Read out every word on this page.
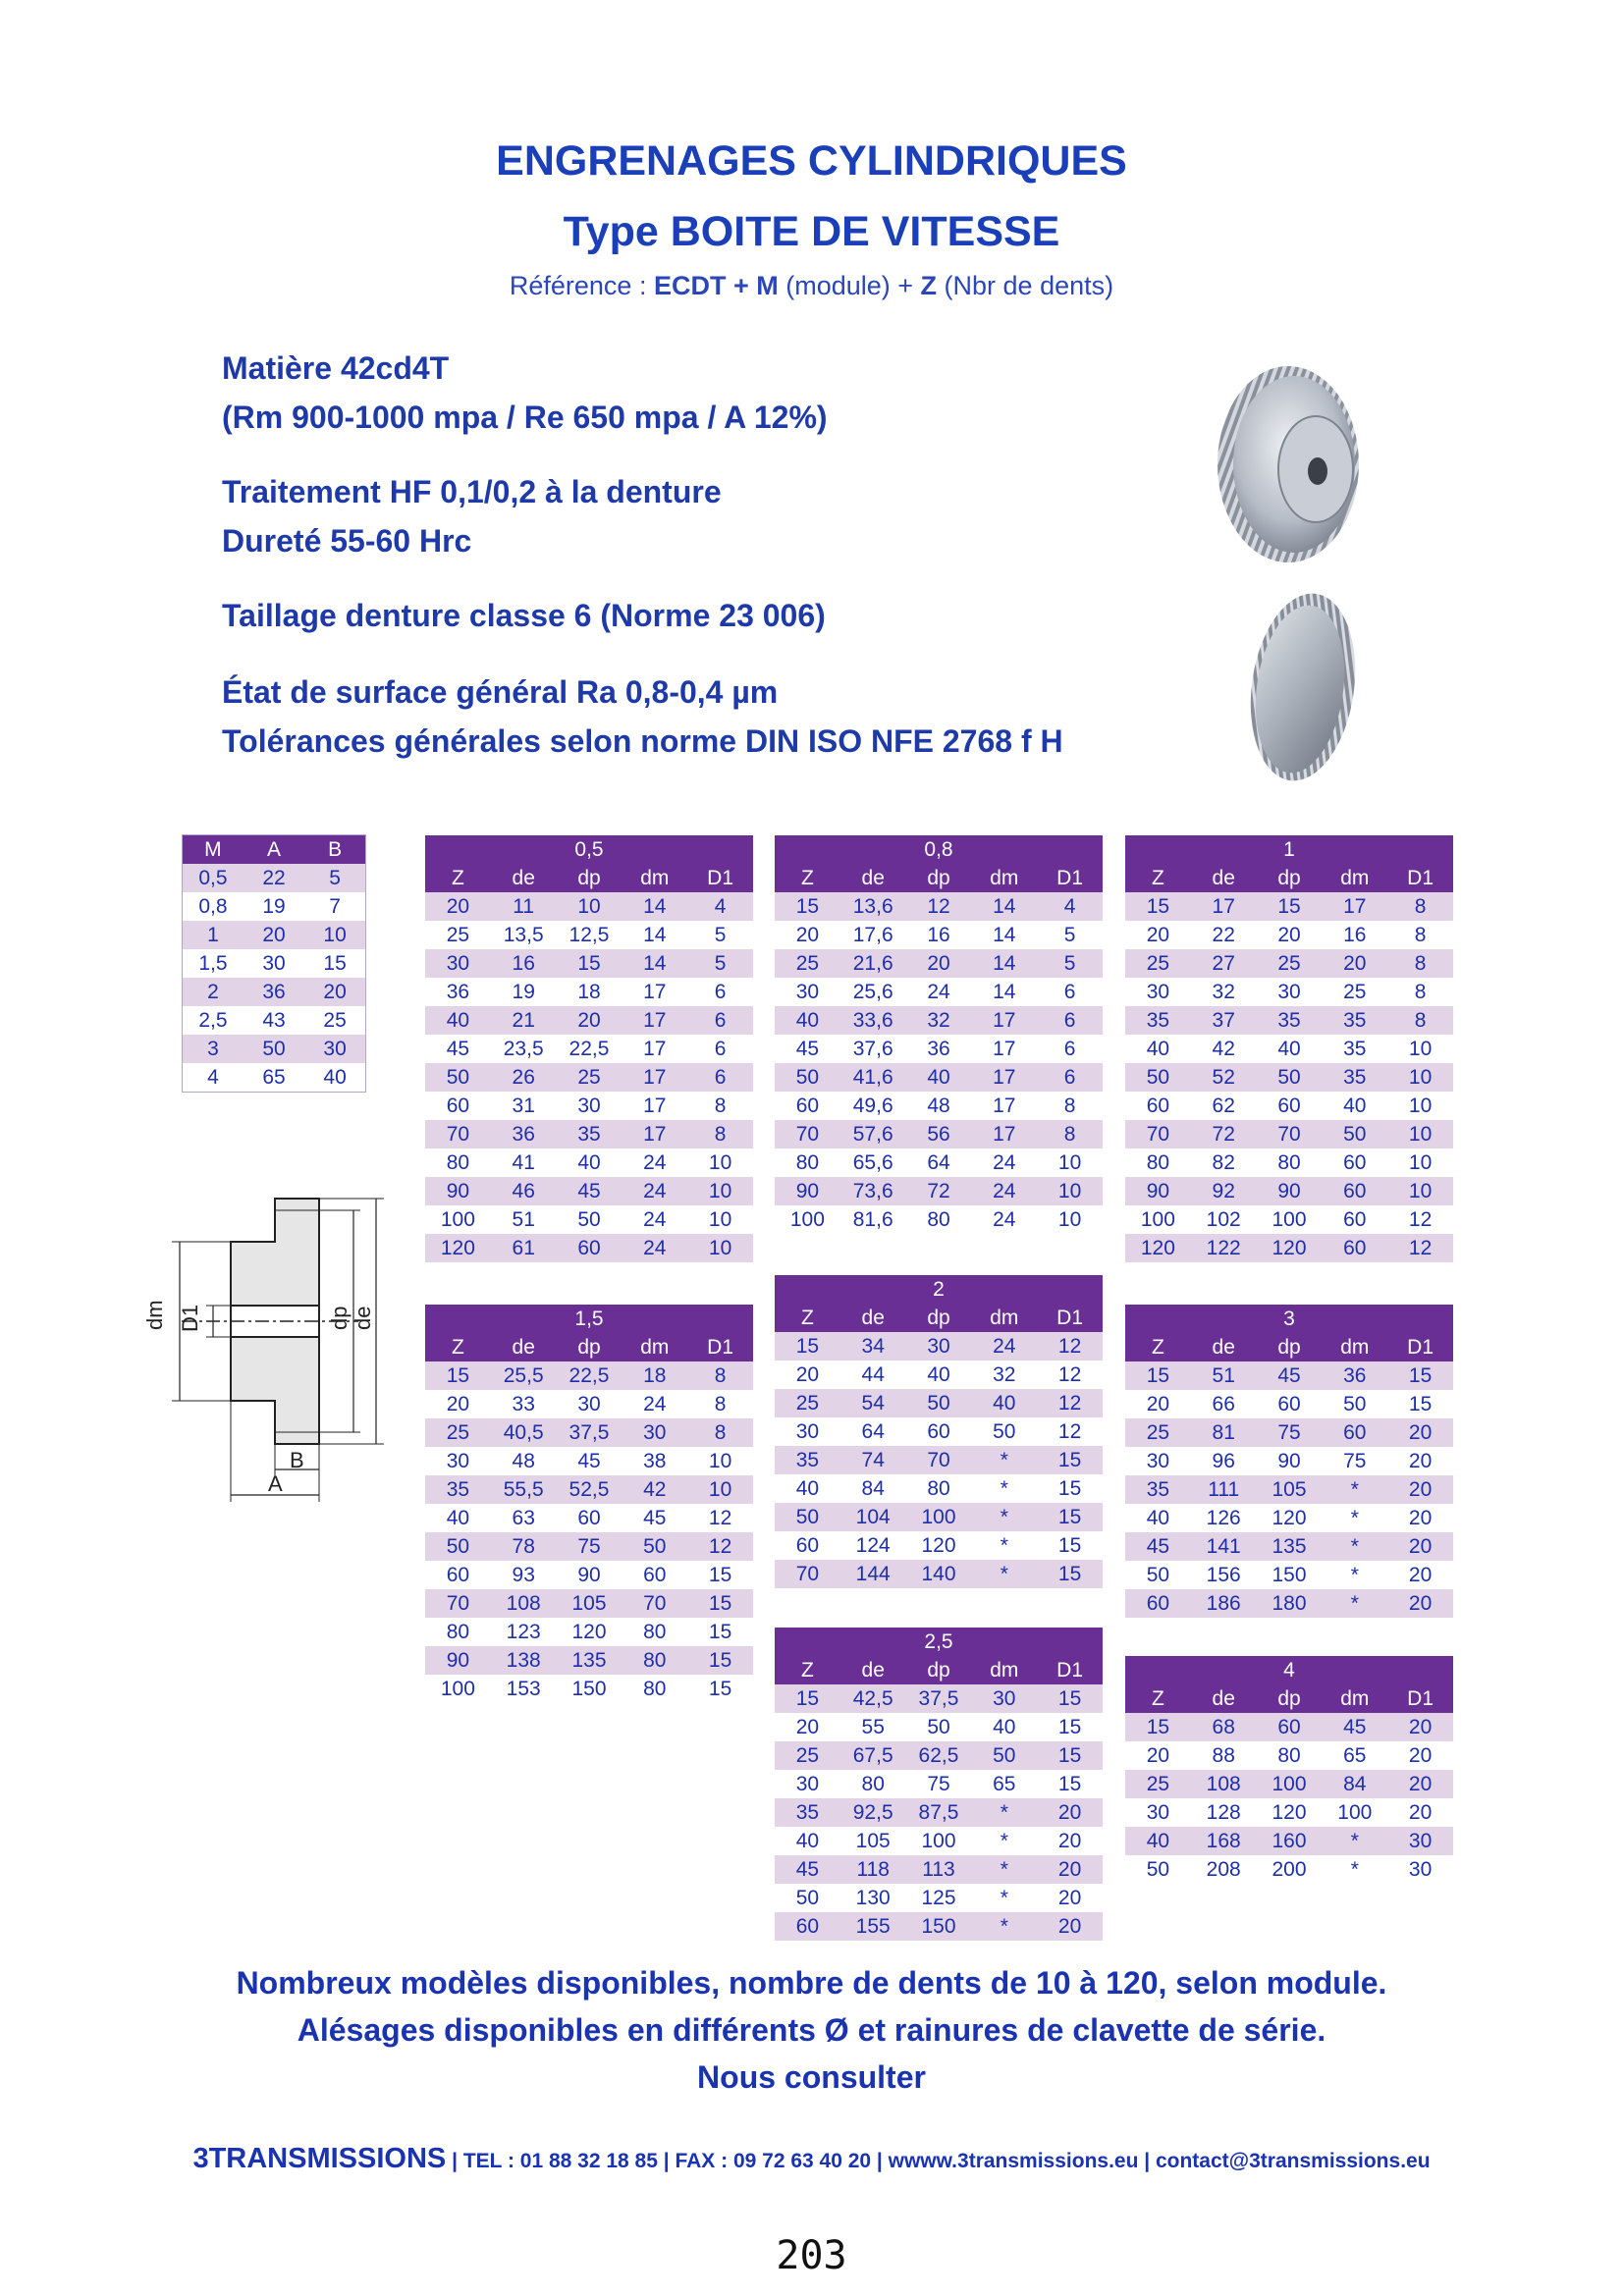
ENGRENAGES CYLINDRIQUES
Type BOITE DE VITESSE
Référence : ECDT + M (module) + Z (Nbr de dents)
Matière 42cd4T
(Rm 900-1000 mpa / Re 650 mpa / A 12%)
Traitement HF 0,1/0,2 à la denture
Dureté 55-60 Hrc
Taillage denture classe 6 (Norme 23 006)
État de surface général Ra 0,8-0,4 µm
Tolérances générales selon norme DIN ISO NFE 2768 f H
dm D1	dp de
B
A
M	A	B
0,5	22	5
0,8	19	7
1	20	10
1,5	30	15
2	36	20
2,5	43	25
3	50	30
4	65	40
0,5				
Z	de	dp	dm	D1
20	11	10	14	4
25	13,5	12,5	14	5
30	16	15	14	5
36	19	18	17	6
40	21	20	17	6
45	23,5	22,5	17	6
50	26	25	17	6
60	31	30	17	8
70	36	35	17	8
80	41	40	24	10
90	46	45	24	10
100	51	50	24	10
120	61	60	24	10
0,8				
Z	de	dp	dm	D1
15	13,6	12	14	4
20	17,6	16	14	5
25	21,6	20	14	5
30	25,6	24	14	6
40	33,6	32	17	6
45	37,6	36	17	6
50	41,6	40	17	6
60	49,6	48	17	8
70	57,6	56	17	8
80	65,6	64	24	10
90	73,6	72	24	10
100	81,6	80	24	10
1				
Z	de	dp	dm	D1
15	17	15	17	8
20	22	20	16	8
25	27	25	20	8
30	32	30	25	8
35	37	35	35	8
40	42	40	35	10
50	52	50	35	10
60	62	60	40	10
70	72	70	50	10
80	82	80	60	10
90	92	90	60	10
100	102	100	60	12
120	122	120	60	12
1,5				
Z	de	dp	dm	D1
15	25,5	22,5	18	8
20	33	30	24	8
25	40,5	37,5	30	8
30	48	45	38	10
35	55,5	52,5	42	10
40	63	60	45	12
50	78	75	50	12
60	93	90	60	15
70	108	105	70	15
80	123	120	80	15
90	138	135	80	15
100	153	150	80	15
2				
Z	de	dp	dm	D1
15	34	30	24	12
20	44	40	32	12
25	54	50	40	12
30	64	60	50	12
35	74	70	*	15
40	84	80	*	15
50	104	100	*	15
60	124	120	*	15
70	144	140	*	15
3				
Z	de	dp	dm	D1
15	51	45	36	15
20	66	60	50	15
25	81	75	60	20
30	96	90	75	20
35	111	105	*	20
40	126	120	*	20
45	141	135	*	20
50	156	150	*	20
60	186	180	*	20
2,5				
Z	de	dp	dm	D1
15	42,5	37,5	30	15
20	55	50	40	15
25	67,5	62,5	50	15
30	80	75	65	15
35	92,5	87,5	*	20
40	105	100	*	20
45	118	113	*	20
50	130	125	*	20
60	155	150	*	20
4				
Z	de	dp	dm	D1
15	68	60	45	20
20	88	80	65	20
25	108	100	84	20
30	128	120	100	20
40	168	160	*	30
50	208	200	*	30
Nombreux modèles disponibles, nombre de dents de 10 à 120, selon module.
Alésages disponibles en différents Ø et rainures de clavette de série.
Nous consulter
3TRANSMISSIONS | TEL : 01 88 32 18 85 | FAX : 09 72 63 40 20 | wwww.3transmissions.eu | contact@3transmissions.eu
203
